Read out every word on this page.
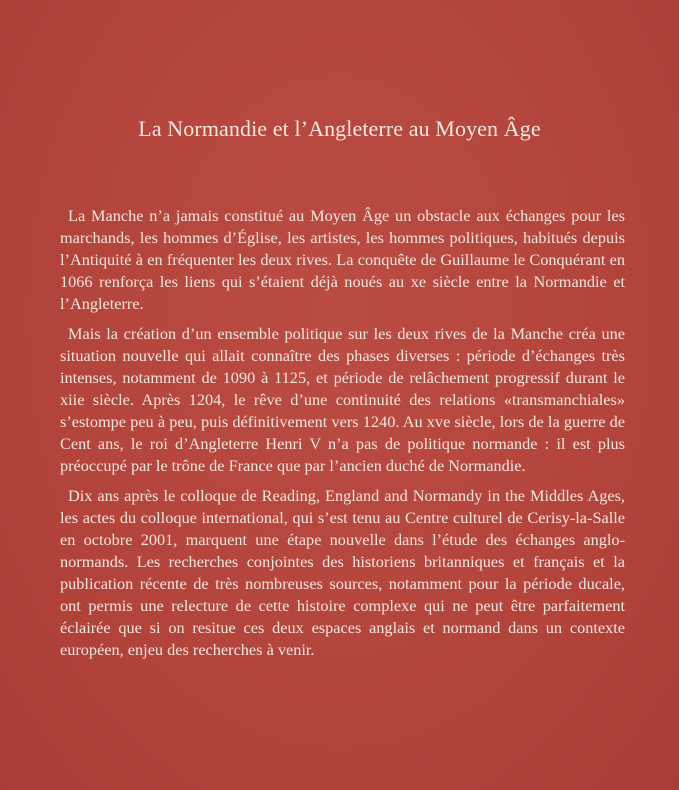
La Normandie et l’Angleterre au Moyen Âge

La Manche n’a jamais constitué au Moyen Âge un obstacle aux échanges pour les marchands, les hommes d’Église, les artistes, les hommes politiques, habitués depuis l’Antiquité à en fréquenter les deux rives. La conquête de Guillaume le Conquérant en 1066 renforça les liens qui s’étaient déjà noués au xe siècle entre la Normandie et l’Angleterre.

Mais la création d’un ensemble politique sur les deux rives de la Manche créa une situation nouvelle qui allait connaître des phases diverses : période d’échanges très intenses, notamment de 1090 à 1125, et période de relâchement progressif durant le xiie siècle. Après 1204, le rêve d’une continuité des relations «transmanchiales» s’estompe peu à peu, puis définitivement vers 1240. Au xve siècle, lors de la guerre de Cent ans, le roi d’Angleterre Henri V n’a pas de politique normande : il est plus préoccupé par le trône de France que par l’ancien duché de Normandie.

Dix ans après le colloque de Reading, England and Normandy in the Middles Ages, les actes du colloque international, qui s’est tenu au Centre culturel de Cerisy-la-Salle en octobre 2001, marquent une étape nouvelle dans l’étude des échanges anglo-normands. Les recherches conjointes des historiens britanniques et français et la publication récente de très nombreuses sources, notamment pour la période ducale, ont permis une relecture de cette histoire complexe qui ne peut être parfaitement éclairée que si on resitue ces deux espaces anglais et normand dans un contexte européen, enjeu des recherches à venir.
